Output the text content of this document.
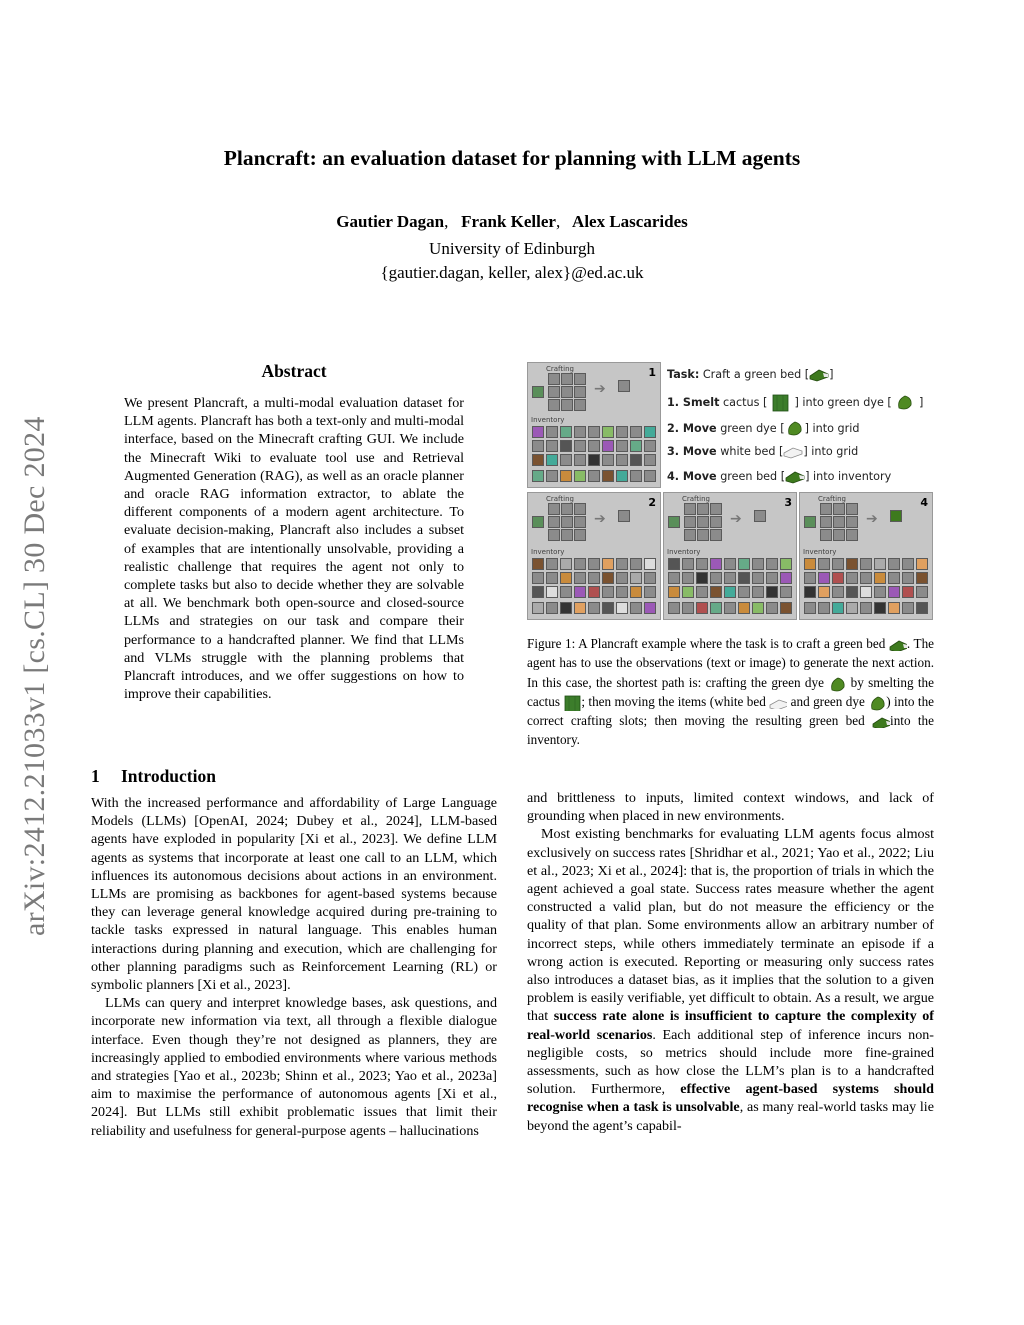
Plancraft: an evaluation dataset for planning with LLM agents
Gautier Dagan,   Frank Keller,   Alex Lascarides
University of Edinburgh
{gautier.dagan, keller, alex}@ed.ac.uk
arXiv:2412.21033v1 [cs.CL] 30 Dec 2024
Abstract
We present Plancraft, a multi-modal evaluation dataset for LLM agents. Plancraft has both a text-only and multi-modal interface, based on the Minecraft crafting GUI. We include the Minecraft Wiki to evaluate tool use and Retrieval Augmented Generation (RAG), as well as an oracle planner and oracle RAG information extractor, to ablate the different components of a modern agent architecture. To evaluate decision-making, Plancraft also includes a subset of examples that are intentionally unsolvable, providing a realistic challenge that requires the agent not only to complete tasks but also to decide whether they are solvable at all. We benchmark both open-source and closed-source LLMs and strategies on our task and compare their performance to a handcrafted planner. We find that LLMs and VLMs struggle with the planning problems that Plancraft introduces, and we offer suggestions on how to improve their capabilities.
Crafting	1
Inventory
➔
Crafting	2
Inventory
➔
Crafting	3
Inventory
➔
Crafting	4
Inventory
➔
Task: Craft a green bed [ ]
1. Smelt cactus [ ] into green dye [ ]
2. Move green dye [ ] into grid
3. Move white bed [ ] into grid
4. Move green bed [ ] into inventory
Figure 1: A Plancraft example where the task is to craft a green bed . The agent has to use the observations (text or image) to generate the next action. In this case, the shortest path is: crafting the green dye by smelting the cactus ; then moving the items (white bed and green dye ) into the correct crafting slots; then moving the resulting green bed into the inventory.
1 Introduction

With the increased performance and affordability of Large Language Models (LLMs) [OpenAI, 2024; Dubey et al., 2024], LLM-based agents have exploded in popularity [Xi et al., 2023]. We define LLM agents as systems that incorporate at least one call to an LLM, which influences its autonomous decisions about actions in an environment. LLMs are promising as backbones for agent-based systems because they can leverage general knowledge acquired during pre-training to tackle tasks expressed in natural language. This enables human interactions during planning and execution, which are challenging for other planning paradigms such as Reinforcement Learning (RL) or symbolic planners [Xi et al., 2023].

LLMs can query and interpret knowledge bases, ask questions, and incorporate new information via text, all through a flexible dialogue interface. Even though they’re not designed as planners, they are increasingly applied to embodied environments where various methods and strategies [Yao et al., 2023b; Shinn et al., 2023; Yao et al., 2023a] aim to maximise the performance of autonomous agents [Xi et al., 2024]. But LLMs still exhibit problematic issues that limit their reliability and usefulness for general-purpose agents – hallucinations

and brittleness to inputs, limited context windows, and lack of grounding when placed in new environments.

Most existing benchmarks for evaluating LLM agents focus almost exclusively on success rates [Shridhar et al., 2021; Yao et al., 2022; Liu et al., 2023; Xi et al., 2024]: that is, the proportion of trials in which the agent achieved a goal state. Success rates measure whether the agent constructed a valid plan, but do not measure the efficiency or the quality of that plan. Some environments allow an arbitrary number of incorrect steps, while others immediately terminate an episode if a wrong action is executed. Reporting or measuring only success rates also introduces a dataset bias, as it implies that the solution to a given problem is easily verifiable, yet difficult to obtain. As a result, we argue that success rate alone is insufficient to capture the complexity of real-world scenarios. Each additional step of inference incurs non-negligible costs, so metrics should include more fine-grained assessments, such as how close the LLM’s plan is to a handcrafted solution. Furthermore, effective agent-based systems should recognise when a task is unsolvable, as many real-world tasks may lie beyond the agent’s capabil-
